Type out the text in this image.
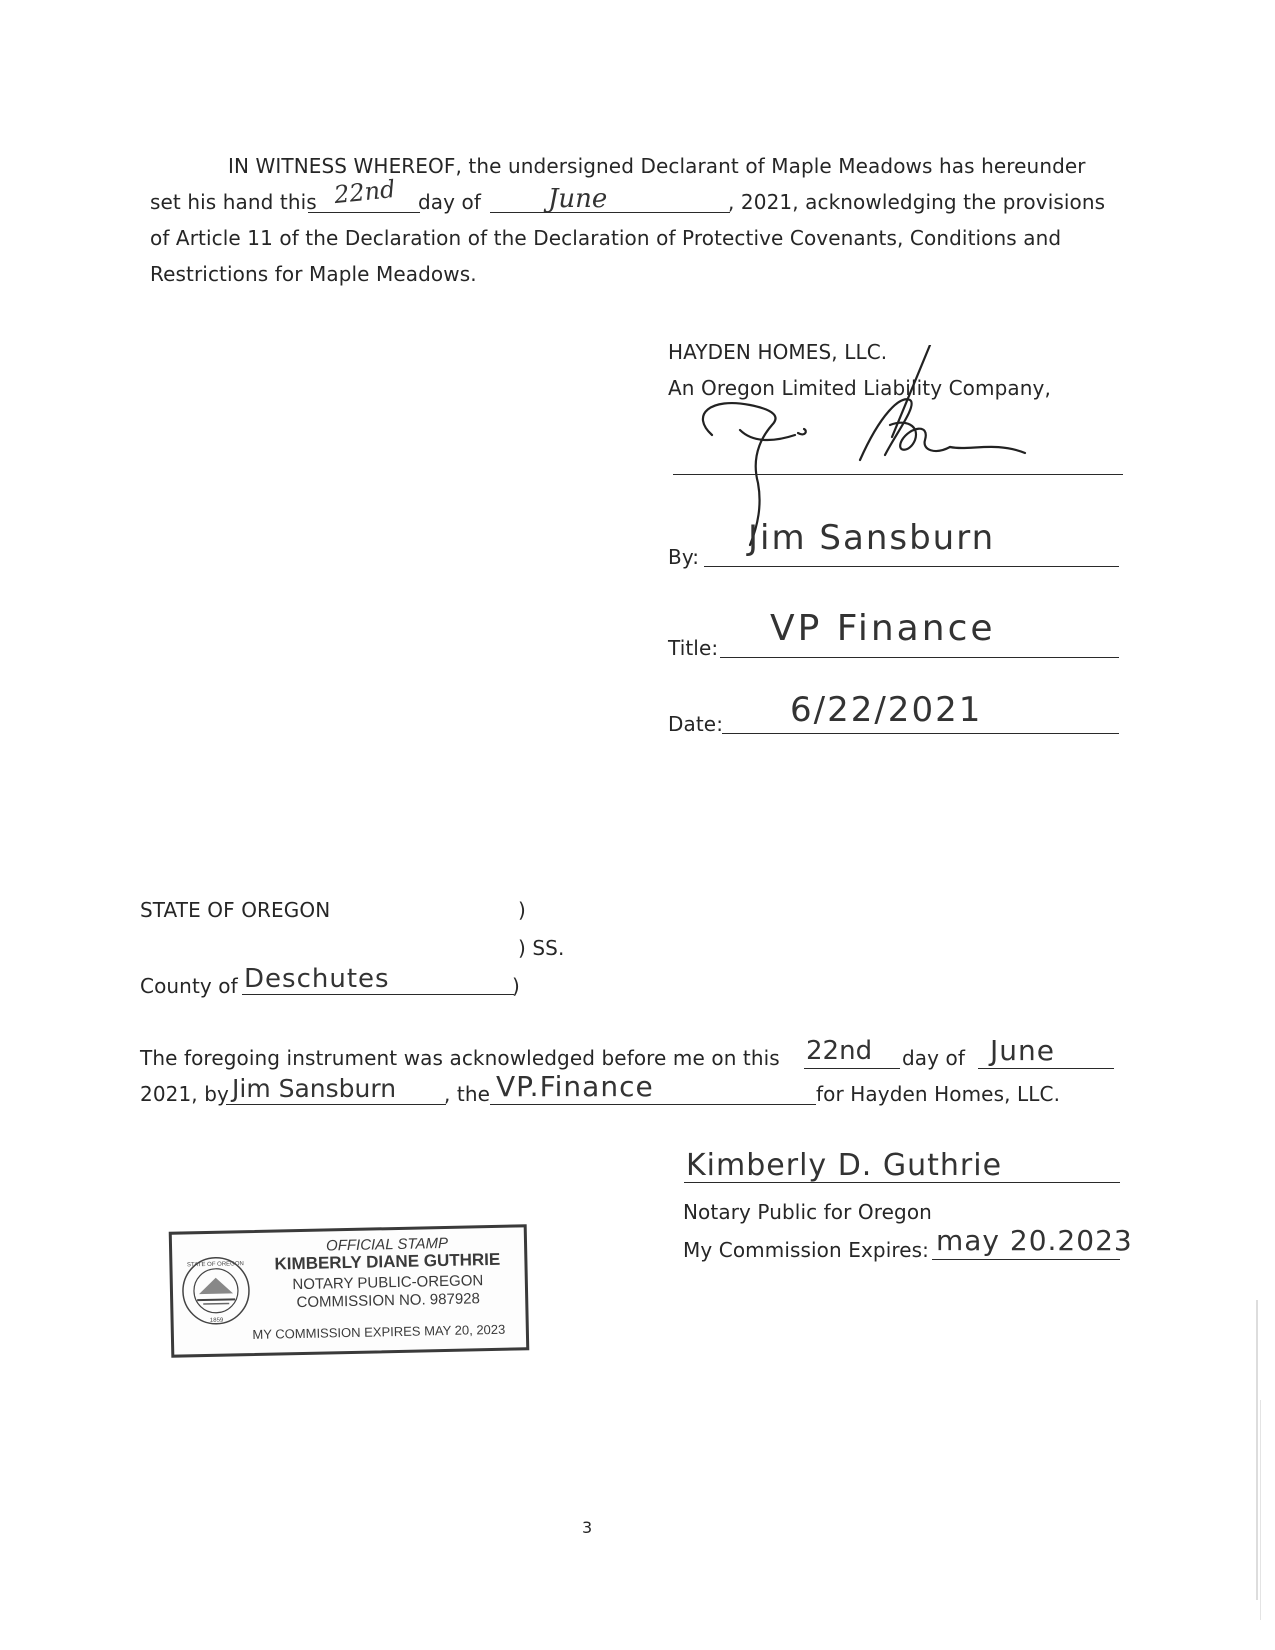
IN WITNESS WHEREOF, the undersigned Declarant of Maple Meadows has hereunder
set his hand this 22nd day of	June	, 2021, acknowledging the provisions
of Article 11 of the Declaration of the Declaration of Protective Covenants, Conditions and
Restrictions for Maple Meadows.
HAYDEN HOMES, LLC.
An Oregon Limited Liability Company,
By: Jim Sansburn
Title: VP Finance
Date: 6/22/2021
STATE OF OREGON	)
) SS.
County of Deschutes	)
The foregoing instrument was acknowledged before me on this 22nd day of June
2021, by Jim Sansburn , the VP.Finance	for Hayden Homes, LLC.
Kimberly D. Guthrie
Notary Public for Oregon
My Commission Expires: may 20.2023
STATE OF OREGON
1859
OFFICIAL STAMP
KIMBERLY DIANE GUTHRIE
NOTARY PUBLIC-OREGON
COMMISSION NO. 987928
MY COMMISSION EXPIRES MAY 20, 2023
3
